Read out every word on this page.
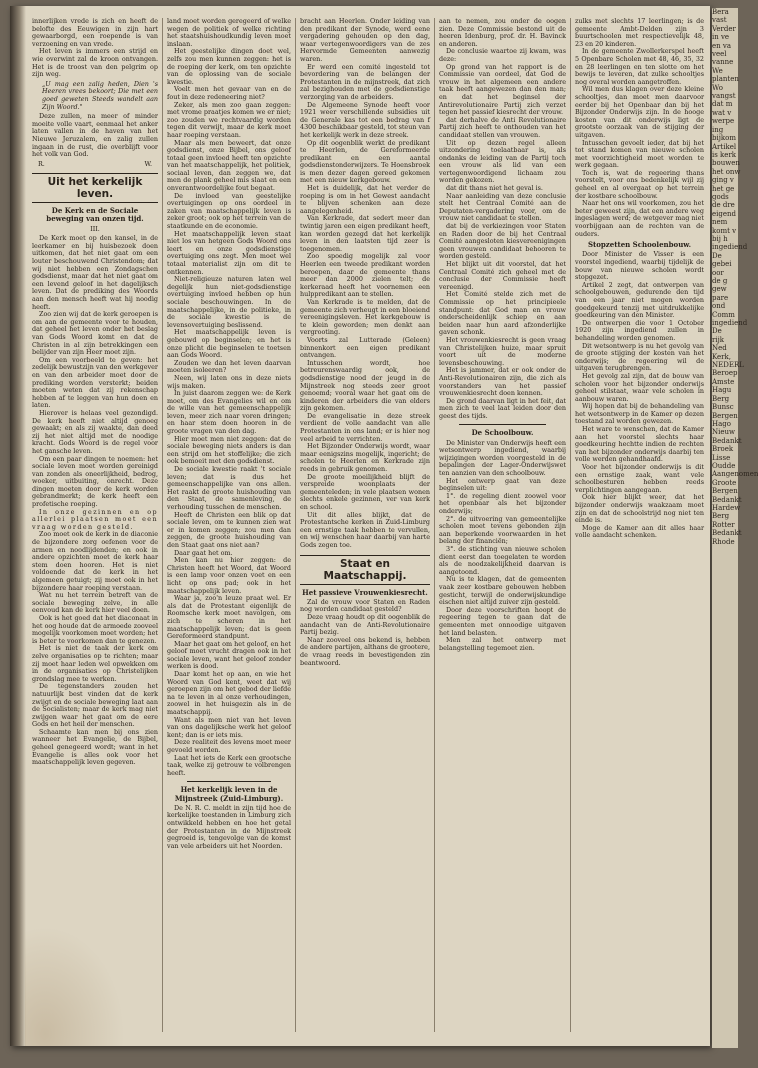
innerlijken vrede is zich en heeft de belofte des Eeuwigen in zijn hart gewaarborgd, een roepende is van verzoening en van vrede.

Het leven is immers een strijd en wie overwint zal de kroon ontvangen. Het is de troost van den pelgrim op zijn weg.

„U mag een zalig heden, Dien 's Heeren vrees bekoort; Die met een goed geweten Steeds wandelt aan Zijn Woord."

Deze zullen, na meer of minder moeite volle vaart, eenmaal het anker laten vallen in de haven van het Nieuwe Jeruzalem, en zalig zullen ingaan in de rust, die overblijft voor het volk van God.

R.	W.
Uit het kerkelijk leven.
De Kerk en de Sociale beweging van onzen tijd.
III.

De Kerk moet op den kansel, in de leerkamer en bij huisbezoek doen uitkomen, dat het niet gaat om een louter beschouwend Christendom; dat wij niet hebben een Zondagschen godsdienst, maar dat het niet gaat om een levend geloof in het dagelijksch leven. Dat de prediking des Woords aan den mensch heeft wat hij noodig heeft.

Zoo zien wij dat de kerk geroepen is om aan de gemeente voor te houden, dat geheel het leven onder het beslag van Gods Woord komt en dat de Christen in al zijn betrekkingen een belijder van zijn Heer moet zijn.

Om een voorbeeld te geven: het zedelijk bewustzijn van den werkgever en van den arbeider moet door de prediking worden versterkt; beiden moeten weten dat zij rekenschap hebben af te leggen van hun doen en laten.

Hierover is helaas veel gezondigd. De kerk heeft niet altijd genoeg gewaakt; en als zij waakte, dan deed zij het niet altijd met de noodige kracht. Gods Woord is de regel voor het gansche leven.

Om een paar dingen te noemen: het sociale leven moet worden gereinigd van zonden als oneerlijkheid, bedrog, woeker, uitbuiting, onrecht. Deze dingen moeten door de kerk worden gebrandmerkt; de kerk heeft een profetische roeping.

In onze gezinnen en op allerlei plaatsen moet een vraag worden gesteld.

Zoo moet ook de kerk in de diaconie de bijzondere zorg oefenen voor de armen en noodlijdenden; en ook in andere opzichten moet de kerk haar stem doen hooren. Het is niet voldoende dat de kerk in het algemeen getuigt; zij moet ook in het bijzondere haar roeping verstaan.

Wat nu het terrein betreft van de sociale beweging zelve, in alle eenvoud kan de kerk hier veel doen.

Ook is het goed dat het diaconaat in het oog houde dat de armoede zooveel mogelijk voorkomen moet worden; het is beter te voorkomen dan te genezen.

Het is niet de taak der kerk om zelve organisaties op te richten; maar zij moet haar leden wel opwekken om in de organisaties op Christelijken grondslag mee te werken.

De tegenstanders zouden het natuurlijk best vinden dat de kerk zwijgt en de sociale beweging laat aan de Socialisten; maar de kerk mag niet zwijgen waar het gaat om de eere Gods en het heil der menschen.

Schaamte kan men bij ons zien wanneer het Evangelie, de Bijbel, geheel genegeerd wordt; want in het Evangelie is alles ook voor het maatschappelijk leven gegeven.

land moet worden geregeerd of welke wegen de politiek of welke richting het staatshuishoudkundig leven moet inslaan.

Het geestelijke dingen doet wel, zelfs zou men kunnen zeggen: het is de roeping der kerk, om ten opzichte van de oplossing van de sociale kwestie.

Voelt men het gevaar van en de fout in deze redeneering niet?

Zeker, als men zoo gaan zeggen: met vrome praatjes komen we er niet; zoo zouden we rechtvaardig worden tegen dit verwijt, maar de kerk moet haar roeping verstaan.

Maar als men beweert, dat onze godsdienst, onze Bijbel, ons geloof totaal geen invloed heeft ten opzichte van het maatschappelijk, het politiek, sociaal leven, dan zeggen we, dat men de plank geheel mis slaat en een onverantwoordelijke fout begaat.

De invloed van geestelijke overtuigingen op ons oordeel in zaken van maatschappelijk leven is zeker groot; ook op het terrein van de staatkunde en de economie.

Het maatschappelijk leven staat niet los van hetgeen Gods Woord ons leert en onze godsdienstige overtuiging ons zegt. Men moet wel totaal materialist zijn om dit te ontkennen.

Niet-religieuze naturen laten wel degelijk hun niet-godsdienstige overtuiging invloed hebben op hun sociale beschouwingen. In de maatschappelijke, in de politieke, in de sociale kwestie is de levensovertuiging beslissend.

Het maatschappelijk leven is gebouwd op beginselen; en het is onze plicht die beginselen te toetsen aan Gods Woord.

Zouden we dan het leven daarvan moeten isoleeren?

Neen, wij laten ons in deze niets wijs maken.

In juist daarom zeggen we: de Kerk moet, om des Evangelies wil en om de wille van het gemeenschappelijk leven, meer zich naar voren dringen; en haar stem doen hooren in de groote vragen van den dag.

Hier moet men niet zeggen: dat de sociale beweging niets anders is dan een strijd om het stoffelijke; die zich ook bemoeit met den godsdienst.

De sociale kwestie raakt 't sociale leven; dat is dus het gemeenschappelijke van ons allen. Het raakt de groote huishouding van den Staat, de samenleving, de verhouding tusschen de menschen.

Heeft de Christen een blik op dat sociale leven, om te kunnen zien wat er in komen zeggen; zou men dan zeggen, de groote huishouding van den Staat gaat ons niet aan?

Daar gaat het om.

Men kan nu hier zeggen: de Christen heeft het Woord, dat Woord is een lamp voor onzen voet en een licht op ons pad; ook in het maatschappelijk leven.

Waar ja, zoo'n leuze praat wel. Er als dat de Protestant eigenlijk de Roomsche kerk moet navolgen, om zich te scheren in het maatschappelijk leven; dat is geen Gereformeerd standpunt.

Maar het gaat om het geloof, en het geloof moet vrucht dragen ook in het sociale leven, want het geloof zonder werken is dood.

Daar komt het op aan, en wie het Woord van God kent, weet dat wij geroepen zijn om het gebod der liefde na te leven in al onze verhoudingen, zoowel in het huisgezin als in de maatschappij.

Want als men niet van het leven van ons dagelijksche werk het geloof kent; dan is er iets mis.

Deze realiteit des levens moet meer gevoeld worden.

Laat het iets de Kerk een grootsche taak, welke zij getrouw te volbrengen heeft.

Het kerkelijk leven in de Mijnstreek (Zuid-Limburg).

De N. R. C. meldt in zijn tijd hoe de kerkelijke toestanden in Limburg zich ontwikkeld hebben en hoe het getal der Protestanten in de Mijnstreek gegroeid is, tengevolge van de komst van vele arbeiders uit het Noorden.

bracht aan Heerlen. Onder leiding van den predikant der Synode, werd eene vergadering gehouden op den dag, waar vertegenwoordigers van de zes Hervormde Gemeenten aanwezig waren.

Er werd een comité ingesteld tot bevordering van de belangen der Protestanten in de mijnstreek, dat zich zal bezighouden met de godsdienstige verzorging van de arbeiders.

De Algemeene Synode heeft voor 1921 weer verschillende subsidies uit de Generale kas tot een bedrag van f 4300 beschikbaar gesteld, tot steun van het kerkelijk werk in deze streek.

Op dit oogenblik werkt de predikant te Heerlen, de Gereformeerde predikant en een aantal godsdienstonderwijzers. Te Hoensbroek is men dezer dagen gereed gekomen met een nieuw kerkgebouw.

Het is duidelijk, dat het verder de roeping is om in het Gewest aandacht te blijven schenken aan deze aangelegenheid.

Van Kerkrade, dat sedert meer dan twintig jaren een eigen predikant heeft, kan worden gezegd dat het kerkelijk leven in den laatsten tijd zeer is toegenomen.

Zoo spoedig mogelijk zal voor Heerlen een tweede predikant worden beroepen, daar de gemeente thans meer dan 2000 zielen telt; de kerkeraad heeft het voornemen een hulppredikant aan te stellen.

Van Kerkrade is te melden, dat de gemeente zich verheugt in een bloeiend vereenigingsleven. Het kerkgebouw is te klein geworden; men denkt aan vergrooting.

Voorts zal Lutterade (Geleen) binnenkort een eigen predikant ontvangen.

Intusschen wordt, hoe betreurenswaardig ook, de godsdienstige nood der jeugd in de Mijnstreek nog steeds zeer groot genoemd; vooral waar het gaat om de kinderen der arbeiders die van elders zijn gekomen.

De evangelisatie in deze streek verdient de volle aandacht van alle Protestanten in ons land; er is hier nog veel arbeid te verrichten.

Het Bijzonder Onderwijs wordt, waar maar eenigszins mogelijk, ingericht; de scholen te Heerlen en Kerkrade zijn reeds in gebruik genomen.

De groote moeilijkheid blijft de verspreide woonplaats der gemeenteleden; in vele plaatsen wonen slechts enkele gezinnen, ver van kerk en school.

Uit dit alles blijkt, dat de Protestantsche kerken in Zuid-Limburg een ernstige taak hebben te vervullen, en wij wenschen haar daarbij van harte Gods zegen toe.

Staat en Maatschappij.
Het passieve Vrouwenkiesrecht.

Zal de vrouw voor Staten en Raden nog worden candidaat gesteld?

Deze vraag houdt op dit oogenblik de aandacht van de Anti-Revolutionaire Partij bezig.

Naar zooveel ons bekend is, hebben de andere partijen, althans de grootere, de vraag reeds in bevestigenden zin beantwoord.

aan te nemen, zou onder de oogen zien. Deze Commissie bestond uit de heeren Idenburg, prof. dr. H. Bavinck en anderen.

De conclusie waartoe zij kwam, was deze:

Op grond van het rapport is de Commissie van oordeel, dat God de vrouw in het algemeen een andere taak heeft aangewezen dan den man; en dat het beginsel der Antirevolutionaire Partij zich verzet tegen het passief kiesrecht der vrouw.

dat derhalve de Anti Revolutionaire Partij zich heeft te onthouden van het candidaat stellen van vrouwen.

Uit op dezen regel alleen uitzondering toelaatbaar is, als ondanks de leiding van de Partij toch een vrouw als lid van een vertegenwoordigend lichaam zou worden gekozen.

dat dit thans niet het geval is.

Naar aanleiding van deze conclusie stelt het Centraal Comité aan de Deputaten-vergadering voor, om de vrouw niet candidaat te stellen.

dat bij de verkiezingen voor Staten en Raden door de bij het Centraal Comité aangesloten kiesvereenigingen geen vrouwen candidaat behooren te worden gesteld.

Het blijkt uit dit voorstel, dat het Centraal Comité zich geheel met de conclusie der Commissie heeft vereenigd.

Het Comité stelde zich met de Commissie op het principieele standpunt: dat God man en vrouw onderscheidenlijk schiep en aan beiden naar hun aard afzonderlijke gaven schonk.

Het vrouwenkiesrecht is geen vraag van Christelijken huize, maar spruit voort uit de moderne levensbeschouwing.

Het is jammer, dat er ook onder de Anti-Revolutionairen zijn, die zich als voorstanders van het passief vrouwenkiesrecht doen kennen.

De grond daarvan ligt in het feit, dat men zich te veel laat leiden door den geest des tijds.

De Schoolbouw.

De Minister van Onderwijs heeft een wetsontwerp ingediend, waarbij wijzigingen worden voorgesteld in de bepalingen der Lager-Onderwijswet ten aanzien van den schoolbouw.

Het ontwerp gaat van deze beginselen uit:

1°. de regeling dient zoowel voor het openbaar als het bijzonder onderwijs;

2°. de uitvoering van gemeentelijke scholen moet tevens gebonden zijn aan beperkende voorwaarden in het belang der financiën;

3°. de stichting van nieuwe scholen dient eerst dan toegelaten te worden als de noodzakelijkheid daarvan is aangetoond.

Nu is te klagen, dat de gemeenten vaak zeer kostbare gebouwen hebben gesticht, terwijl de onderwijskundige eischen niet altijd zuiver zijn gesteld.

Door deze voorschriften hoopt de regeering tegen te gaan dat de gemeenten met onnoodige uitgaven het land belasten.

Men zal het ontwerp met belangstelling tegemoet zien.

zulks met slechts 17 leerlingen; is de gemeente Ambt-Delden zijn 3 buurtschoolen met respectievelijk 48, 23 en 20 kinderen.

In de gemeente Zwollerkerspel heeft 5 Openbare Scholen met 48, 46, 35, 32 en 28 leerlingen en ten slotte om het bewijs te leveren, dat zulke schooltjes nog overal worden aangetroffen.

Wil men dus klagen over deze kleine schooltjes, dan moet men daarvoor eerder bij het Openbaar dan bij het Bijzonder Onderwijs zijn. In de hooge kosten van dit onderwijs ligt de grootste oorzaak van de stijging der uitgaven.

Intusschen gevoelt ieder, dat bij het tot stand komen van nieuwe scholen met voorzichtigheid moet worden te werk gegaan.

Toch is, wat de regeering thans voorstelt, voor ons bedenkelijk wijl zij geheel en al overgaat op het terrein der kostbare schoolbouw.

Naar het ons wil voorkomen, zou het beter geweest zijn, dat een andere weg ingeslagen werd; de wetgever mag niet voorbijgaan aan de rechten van de ouders.

Stopzetten Schoolenbouw.

Door Minister de Visser is een voorstel ingediend, waarbij tijdelijk de bouw van nieuwe scholen wordt stopgezet.

Artikel 2 zegt, dat ontwerpen van schoolgebouwen, gedurende den tijd van een jaar niet mogen worden goedgekeurd tenzij met uitdrukkelijke goedkeuring van den Minister.

De ontwerpen die voor 1 October 1920 zijn ingediend zullen in behandeling worden genomen.

Dit wetsontwerp is nu het gevolg van de groote stijging der kosten van het onderwijs; de regeering wil de uitgaven terugbrengen.

Het gevolg zal zijn, dat de bouw van scholen voor het bijzonder onderwijs geheel stilstaat, waar vele scholen in aanbouw waren.

Wij hopen dat bij de behandeling van het wetsontwerp in de Kamer op dezen toestand zal worden gewezen.

Het ware te wenschen, dat de Kamer aan het voorstel slechts haar goedkeuring hechtte indien de rechten van het bijzonder onderwijs daarbij ten volle werden gehandhaafd.

Voor het bijzonder onderwijs is dit een ernstige zaak, want vele schoolbesturen hebben reeds verplichtingen aangegaan.

Ook hier blijkt weer, dat het bijzonder onderwijs waakzaam moet zijn en dat de schoolstrijd nog niet ten einde is.

Moge de Kamer aan dit alles haar volle aandacht schenken.

Bera

vast

Verder

in ve

en va

veel

vanne

We

planten

Wo

vangst

dat m

wat v

werpe

ing

bijkom

Artikel

is kerk

bouwen

het onw

ging v

het ge

gods

de dre

eigend

nem

komt v

bij h

ingediend

De

gebei

oor

de g

gew

pare

ond

Comm

ingediend

De

rijk

Ned

Kerk,

NEDERL

Beroep

Amste

Hagu

Berg

Bunsc

Bergen

Hago

Nieuw

Bedankt

Broek

Lisse

Oudde

Aangenomen

Groote

Bergen

Bedankt

Hardew

Berg

Rotter

Bedankt

Rhode
